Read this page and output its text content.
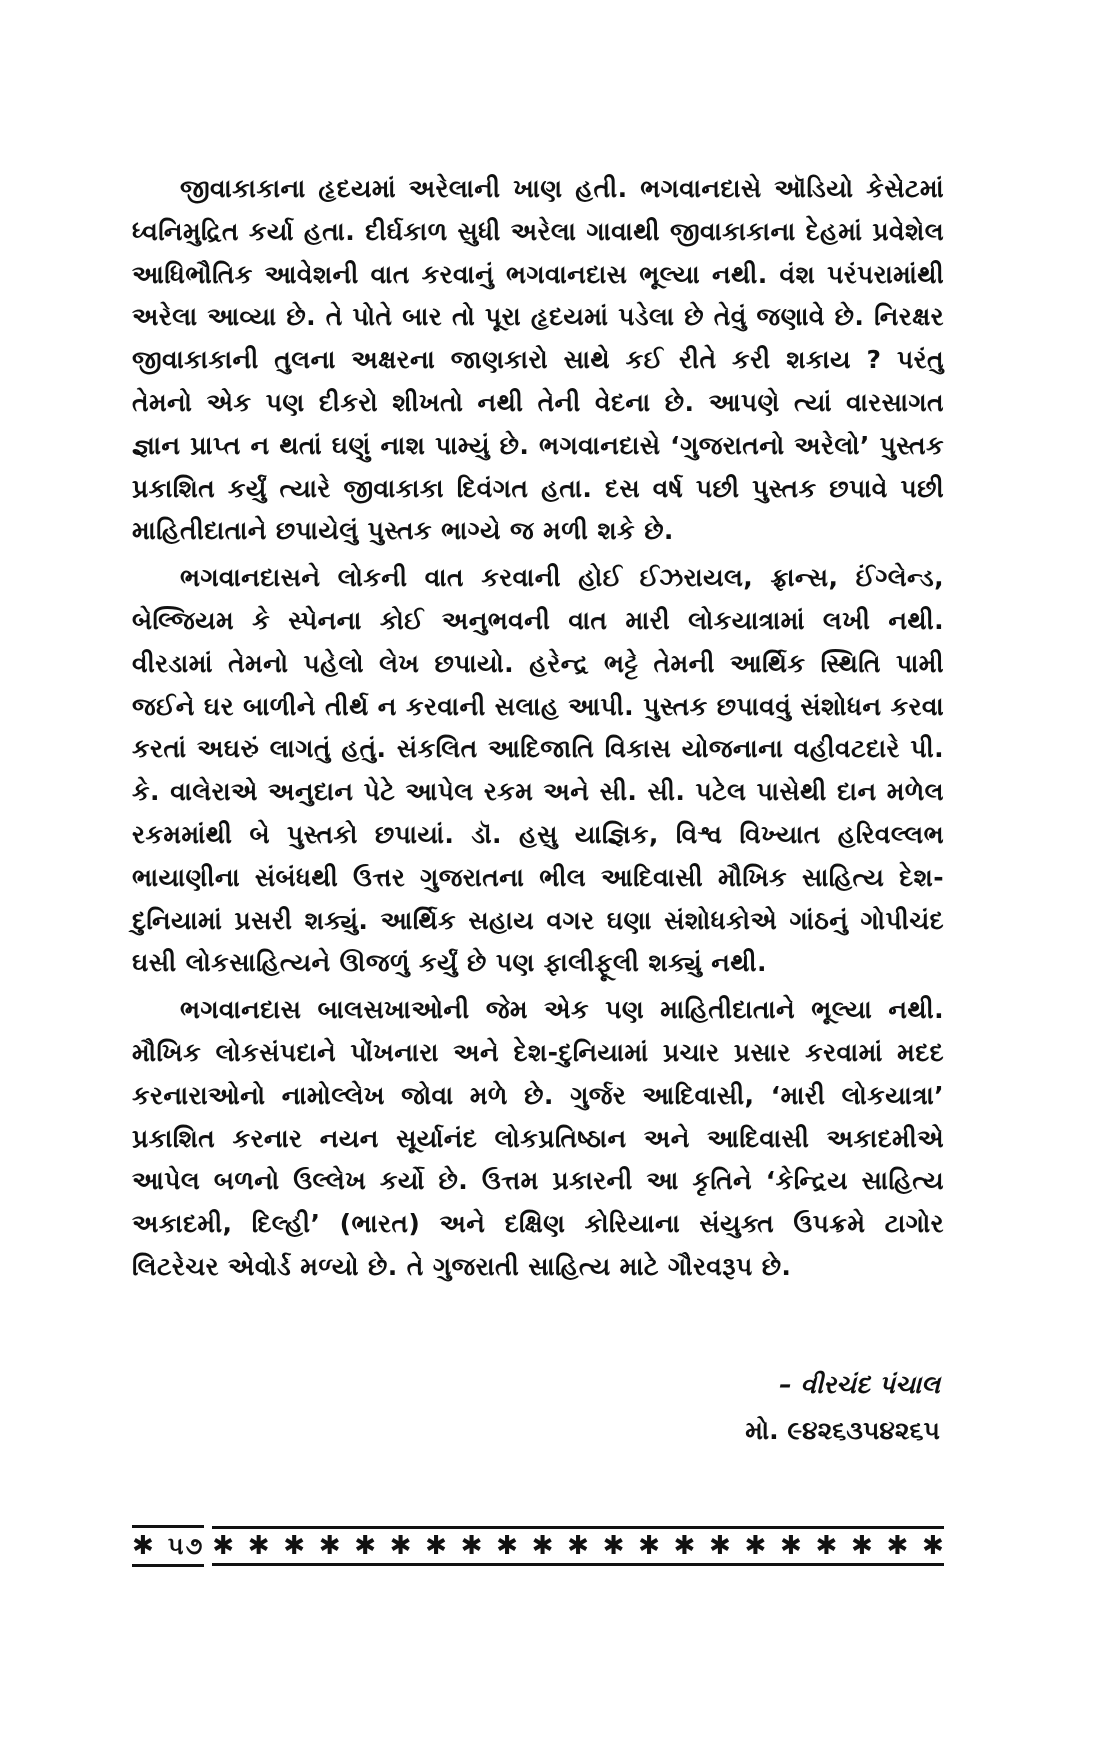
જીવાકાકાના હૃદયમાં અરેલાની ખાણ હતી. ભગવાનદાસે ઑડિયો કેસેટમાં ધ્વનિમુદ્રિત કર્યા હતા. દીર્ઘકાળ સુધી અરેલા ગાવાથી જીવાકાકાના દેહમાં પ્રવેશેલ આધિભૌતિક આવેશની વાત કરવાનું ભગવાનદાસ ભૂલ્યા નથી. વંશ પરંપરામાંથી અરેલા આવ્યા છે. તે પોતે બાર તો પૂરા હૃદયમાં પડેલા છે તેવું જણાવે છે. નિરક્ષર જીવાકાકાની તુલના અક્ષરના જાણકારો સાથે કઈ રીતે કરી શકાય ? પરંતુ તેમનો એક પણ દીકરો શીખતો નથી તેની વેદના છે. આપણે ત્યાં વારસાગત જ્ઞાન પ્રાપ્ત ન થતાં ઘણું નાશ પામ્યું છે. ભગવાનદાસે ‘ગુજરાતનો અરેલો’ પુસ્તક પ્રકાશિત કર્યું ત્યારે જીવાકાકા દિવંગત હતા. દસ વર્ષ પછી પુસ્તક છપાવે પછી માહિતીદાતાને છપાયેલું પુસ્તક ભાગ્યે જ મળી શકે છે.

ભગવાનદાસને લોકની વાત કરવાની હોઈ ઈઝરાયલ, ફ્રાન્સ, ઈંગ્લેન્ડ, બેલ્જિયમ કે સ્પેનના કોઈ અનુભવની વાત મારી લોકયાત્રામાં લખી નથી. વીરડામાં તેમનો પહેલો લેખ છપાયો. હરેન્દ્ર ભટ્ટે તેમની આર્થિક સ્થિતિ પામી જઈને ઘર બાળીને તીર્થ ન કરવાની સલાહ આપી. પુસ્તક છપાવવું સંશોધન કરવા કરતાં અઘરું લાગતું હતું. સંકલિત આદિજાતિ વિકાસ યોજનાના વહીવટદારે પી. કે. વાલેરાએ અનુદાન પેટે આપેલ રકમ અને સી. સી. પટેલ પાસેથી દાન મળેલ રકમમાંથી બે પુસ્તકો છપાયાં. ડૉ. હસુ યાજ્ઞિક, વિશ્વ વિખ્યાત હરિવલ્લભ ભાયાણીના સંબંધથી ઉત્તર ગુજરાતના ભીલ આદિવાસી મૌખિક સાહિત્ય દેશ-દુનિયામાં પ્રસરી શક્યું. આર્થિક સહાય વગર ઘણા સંશોધકોએ ગાંઠનું ગોપીચંદ ઘસી લોકસાહિત્યને ઊજળું કર્યું છે પણ ફાલીફૂલી શક્યું નથી.

ભગવાનદાસ બાલસખાઓની જેમ એક પણ માહિતીદાતાને ભૂલ્યા નથી. મૌખિક લોકસંપદાને પોંખનારા અને દેશ-દુનિયામાં પ્રચાર પ્રસાર કરવામાં મદદ કરનારાઓનો નામોલ્લેખ જોવા મળે છે. ગુર્જર આદિવાસી, ‘મારી લોકયાત્રા’ પ્રકાશિત કરનાર નયન સૂર્યાનંદ લોકપ્રતિષ્ઠાન અને આદિવાસી અકાદમીએ આપેલ બળનો ઉલ્લેખ કર્યો છે. ઉત્તમ પ્રકારની આ કૃતિને ‘કેન્દ્રિય સાહિત્ય અકાદમી, દિલ્હી’ (ભારત) અને દક્ષિણ કોરિયાના સંયુક્ત ઉપક્રમે ટાગોર લિટરેચર એવોર્ડ મળ્યો છે. તે ગુજરાતી સાહિત્ય માટે ગૌરવરૂપ છે.

– વીરચંદ પંચાલ
મો. ૯૪૨૬૩૫૪૨૬૫
✱ ૫૭ ✱ ✱ ✱ ✱ ✱ ✱ ✱ ✱ ✱ ✱ ✱ ✱ ✱ ✱ ✱ ✱ ✱ ✱ ✱ ✱ ✱
